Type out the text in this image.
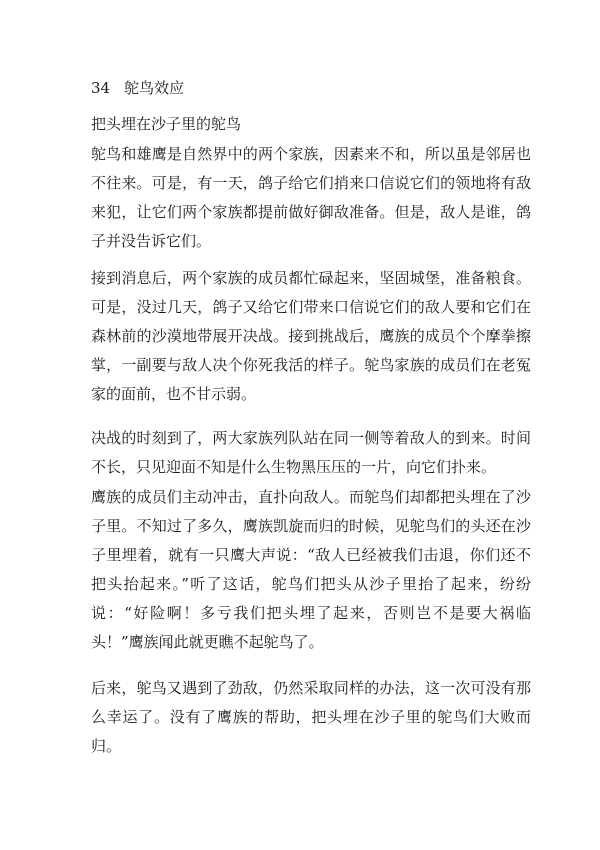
34 鸵鸟效应
把头埋在沙子里的鸵鸟

鸵鸟和雄鹰是自然界中的两个家族，因素来不和，所以虽是邻居也不往来。可是，有一天，鸽子给它们捎来口信说它们的领地将有敌来犯，让它们两个家族都提前做好御敌准备。但是，敌人是谁，鸽子并没告诉它们。

接到消息后，两个家族的成员都忙碌起来，坚固城堡，准备粮食。可是，没过几天，鸽子又给它们带来口信说它们的敌人要和它们在森林前的沙漠地带展开决战。接到挑战后，鹰族的成员个个摩拳擦掌，一副要与敌人决个你死我活的样子。鸵鸟家族的成员们在老冤家的面前，也不甘示弱。

决战的时刻到了，两大家族列队站在同一侧等着敌人的到来。时间不长，只见迎面不知是什么生物黑压压的一片，向它们扑来。

鹰族的成员们主动冲击，直扑向敌人。而鸵鸟们却都把头埋在了沙子里。不知过了多久，鹰族凯旋而归的时候，见鸵鸟们的头还在沙子里埋着，就有一只鹰大声说：“敌人已经被我们击退，你们还不把头抬起来。”听了这话，鸵鸟们把头从沙子里抬了起来，纷纷说：“好险啊！多亏我们把头埋了起来，否则岂不是要大祸临头！”鹰族闻此就更瞧不起鸵鸟了。

后来，鸵鸟又遇到了劲敌，仍然采取同样的办法，这一次可没有那么幸运了。没有了鹰族的帮助，把头埋在沙子里的鸵鸟们大败而归。
